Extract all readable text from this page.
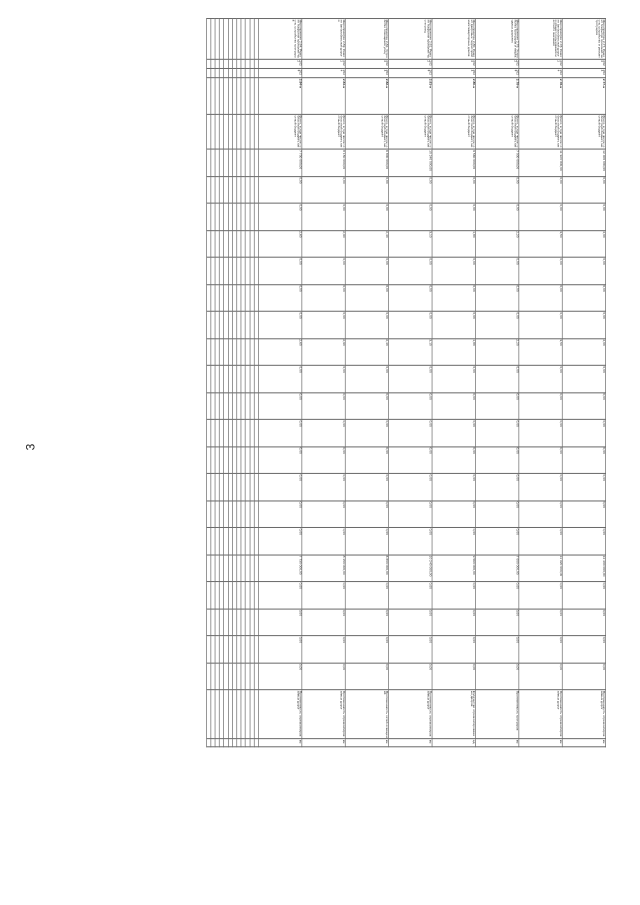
3
Мероприятие 2.77. Ремонт покрытия проезжей части, устройство и ремонт тротуаров	2022	2024	2.77-н	Всего, в том числе: областной бюджет, местный бюджет	12 400 000,00	0,00	0,00	4,00	0,00	0,00	0,00	4,00	0,00	0,00	0,00	0,00	0,00	0,00	0,00	12 400 000,00	0,00	0,00	0,00	0,00	Протяженность отремонтированных дорог	км
Мероприятие 2.78. Ремонт автомобильной дороги общего пользования местного значения	2022	2024	2.78-н	Всего, в том числе: областной бюджет, местный бюджет	11 320 000,00	0,00	0,00	3,50	0,00	0,00	0,00	3,50	0,00	0,00	0,00	0,00	0,00	0,00	0,00	11 320 000,00	0,00	0,00	0,00	0,00	Протяженность отремонтированных дорог	км
Мероприятие 2.79. Устройство тротуаров и пешеходных дорожек	2022	2024	2.79-н	Всего, в том числе: областной бюджет, местный бюджет	7 000 000,00	0,00	0,00	2,20	0,00	0,00	0,00	2,20	0,00	0,00	0,00	0,00	0,00	0,00	0,00	7 000 000,00	0,00	0,00	0,00	0,00	Протяженность тротуаров	км
Мероприятие 2.80. Ремонт дворовых территорий многоквартирных домов	2022	2024	2.80-н	Всего, в том числе: областной бюджет, местный бюджет	9 560 000,00	0,00	0,00	1,80	0,00	0,00	0,00	1,80	0,00	0,00	0,00	0,00	0,00	0,00	0,00	9 560 000,00	0,00	0,00	0,00	0,00	Количество отремонтированных дворов	ед.
Мероприятие 2.81. Ремонт покрытия проезжей части улиц	2022	2024	2.81-н	Всего, в том числе: областной бюджет, местный бюджет	10 240 000,00	0,00	0,00	3,10	0,00	0,00	0,00	3,10	0,00	0,00	0,00	0,00	0,00	0,00	0,00	10 240 000,00	0,00	0,00	0,00	0,00	Протяженность отремонтированных дорог	км
Мероприятие 2.82. Устройство освещения улиц	2022	2024	2.82-н	Всего, в том числе: областной бюджет, местный бюджет	6 800 000,00	0,00	0,00	2,40	0,00	0,00	0,00	2,40	0,00	0,00	0,00	0,00	0,00	0,00	0,00	6 800 000,00	0,00	0,00	0,00	0,00	Протяженность сетей освещения	км
Мероприятие 2.83. Ремонт автомобильной дороги	2022	2024	2.83-н	Всего, в том числе: областной бюджет, местный бюджет	8 150 000,00	0,00	0,00	2,90	0,00	0,00	0,00	2,90	0,00	0,00	0,00	0,00	0,00	0,00	0,00	8 150 000,00	0,00	0,00	0,00	0,00	Протяженность отремонтированных дорог	км
Мероприятие 2.84. Ремонт покрытия проезжей части, устройство тротуаров	2022	2024	2.84-н	Всего, в том числе: областной бюджет, местный бюджет	7 730 000,00	0,00	0,00	2,60	0,00	0,00	0,00	2,60	0,00	0,00	0,00	0,00	0,00	0,00	0,00	7 730 000,00	0,00	0,00	0,00	0,00	Протяженность отремонтированных дорог	км
